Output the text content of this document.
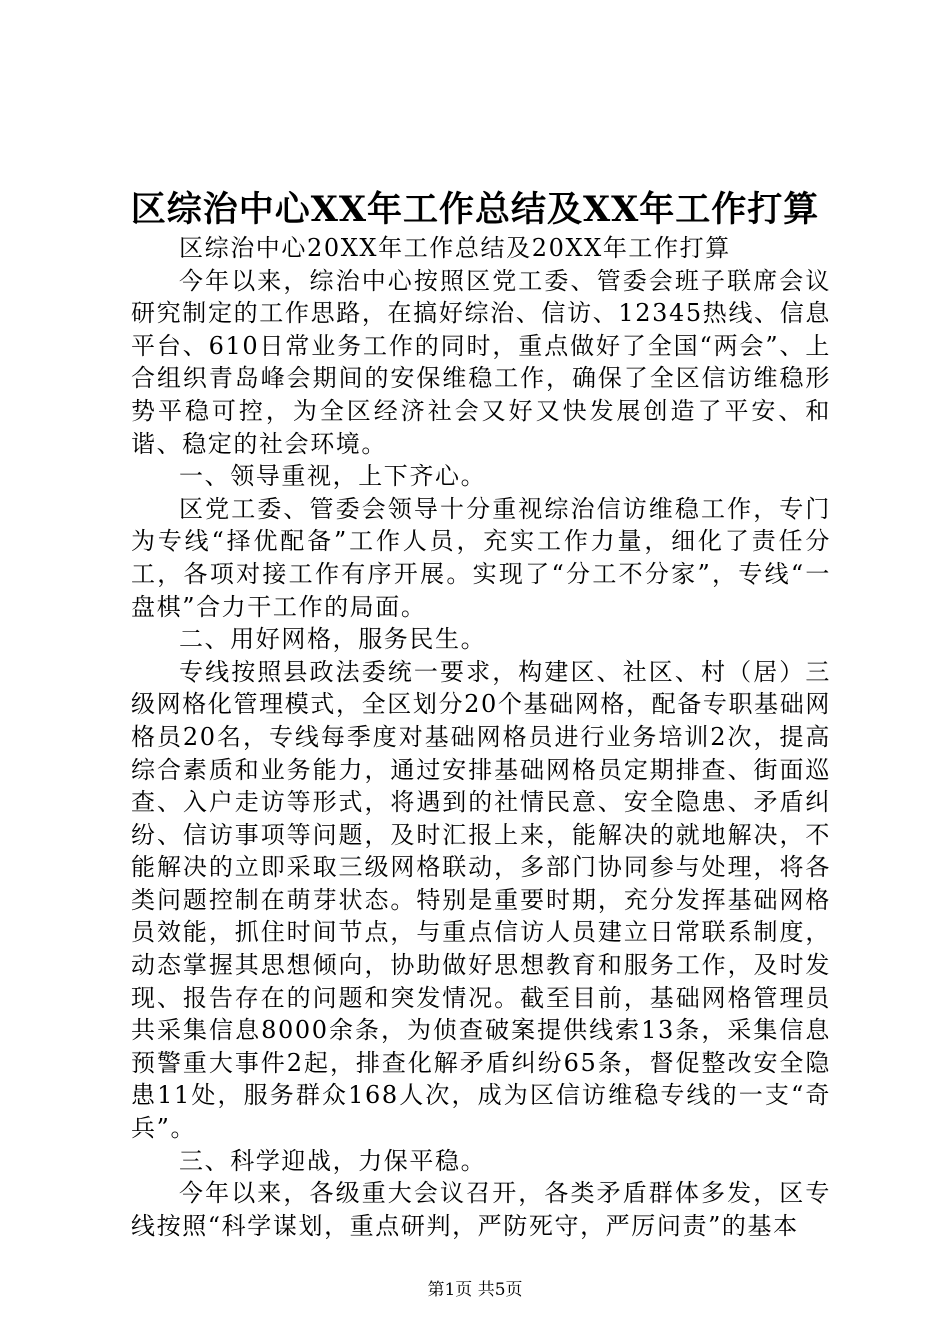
区综治中心XX年工作总结及XX年工作打算

区综治中心20XX年工作总结及20XX年工作打算

今年以来，综治中心按照区党工委、管委会班子联席会议研究制定的工作思路，在搞好综治、信访、12345热线、信息平台、610日常业务工作的同时，重点做好了全国“两会”、上合组织青岛峰会期间的安保维稳工作，确保了全区信访维稳形势平稳可控，为全区经济社会又好又快发展创造了平安、和谐、稳定的社会环境。

一、领导重视，上下齐心。

区党工委、管委会领导十分重视综治信访维稳工作，专门为专线“择优配备”工作人员，充实工作力量，细化了责任分工，各项对接工作有序开展。实现了“分工不分家”，专线“一盘棋”合力干工作的局面。

二、用好网格，服务民生。

专线按照县政法委统一要求，构建区、社区、村（居）三级网格化管理模式，全区划分20个基础网格，配备专职基础网格员20名，专线每季度对基础网格员进行业务培训2次，提高综合素质和业务能力，通过安排基础网格员定期排查、街面巡查、入户走访等形式，将遇到的社情民意、安全隐患、矛盾纠纷、信访事项等问题，及时汇报上来，能解决的就地解决，不能解决的立即采取三级网格联动，多部门协同参与处理，将各类问题控制在萌芽状态。特别是重要时期，充分发挥基础网格员效能，抓住时间节点，与重点信访人员建立日常联系制度，动态掌握其思想倾向，协助做好思想教育和服务工作，及时发现、报告存在的问题和突发情况。截至目前，基础网格管理员共采集信息8000余条，为侦查破案提供线索13条，采集信息预警重大事件2起，排查化解矛盾纠纷65条，督促整改安全隐患11处，服务群众168人次，成为区信访维稳专线的一支“奇兵”。

三、科学迎战，力保平稳。

今年以来，各级重大会议召开，各类矛盾群体多发，区专线按照“科学谋划，重点研判，严防死守，严厉问责”的基本

第1页 共5页
